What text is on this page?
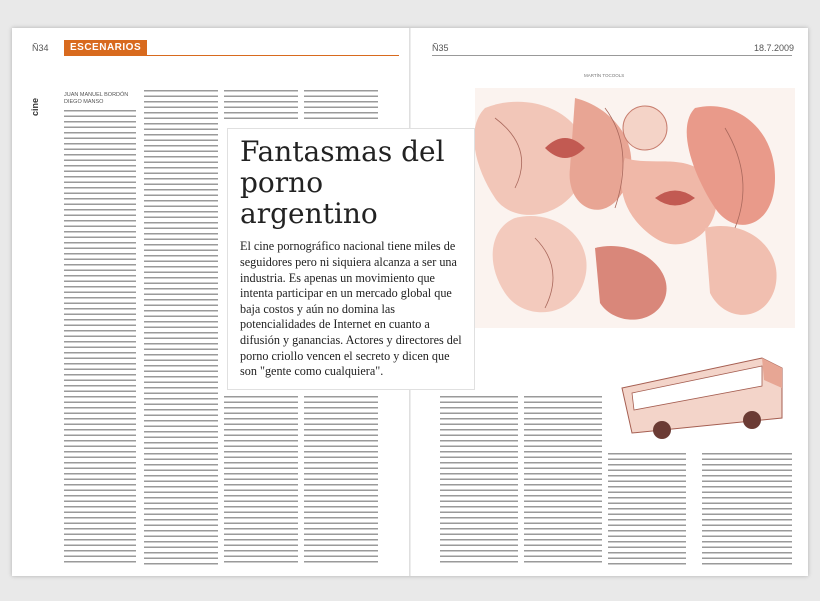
Ñ34	ESCENARIOS	Ñ35	18.7.2009
cine
JUAN MANUEL BORDÓN
DIEGO MANSO
MARTÍN TOCOOLS
Fantasmas del porno argentino

El cine pornográfico nacional tiene miles de seguidores pero ni siquiera alcanza a ser una industria. Es apenas un movimiento que intenta participar en un mercado global que baja costos y aún no domina las potencialidades de Internet en cuanto a difusión y ganancias. Actores y directores del porno criollo vencen el secreto y dicen que son "gente como cualquiera".
